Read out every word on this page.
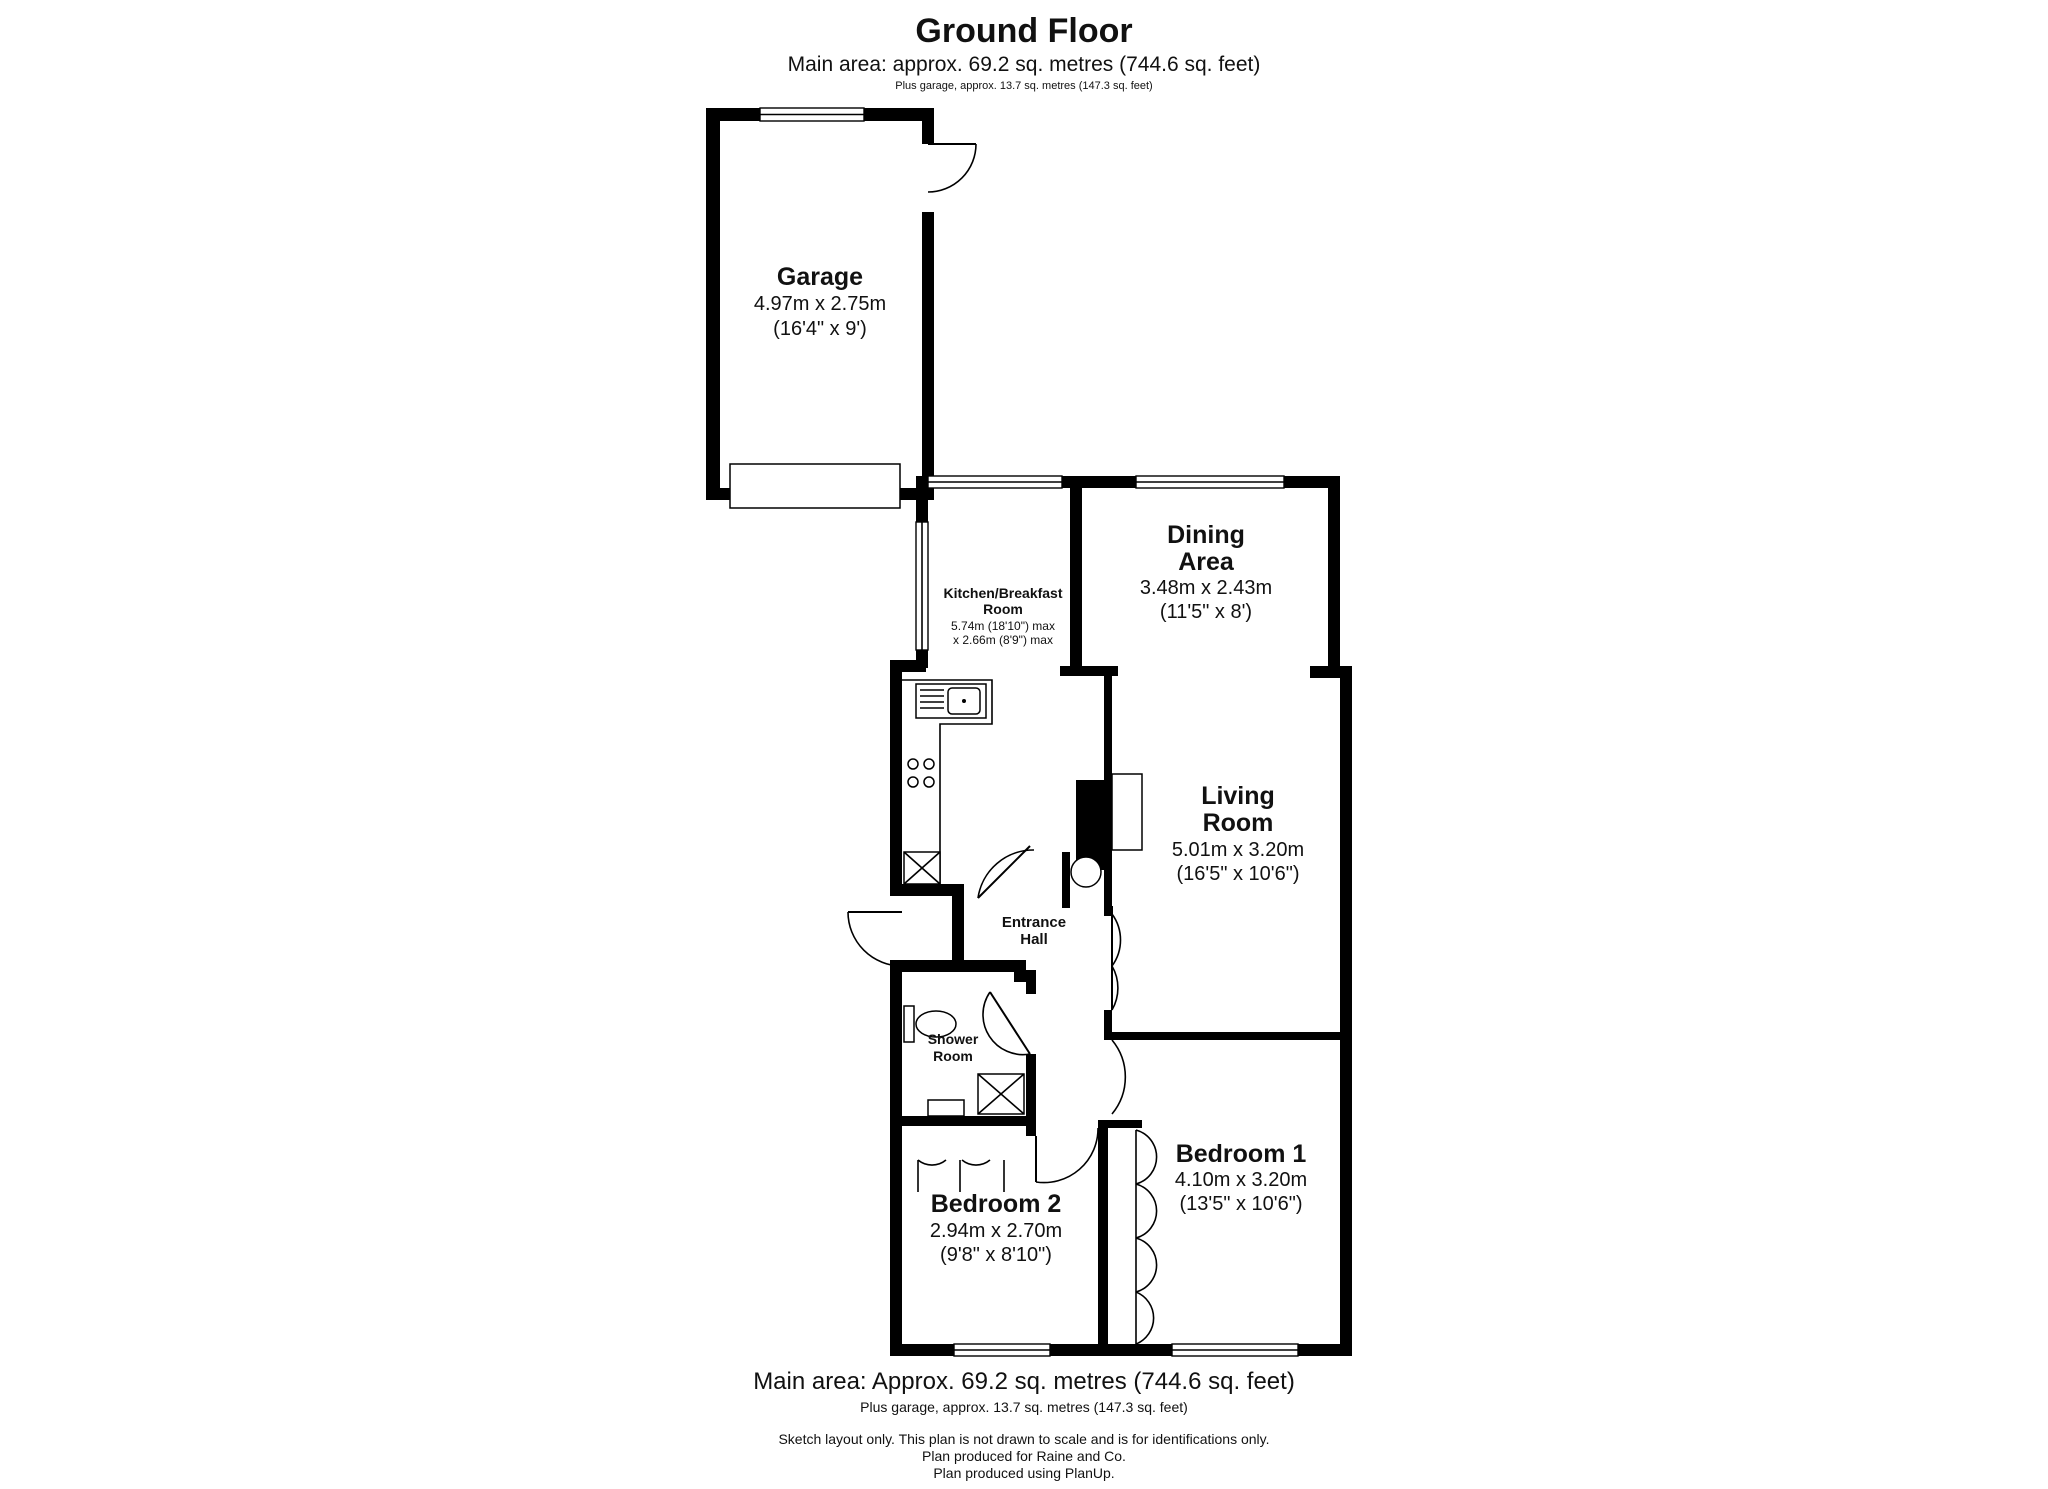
Ground Floor
Main area: approx. 69.2 sq. metres (744.6 sq. feet)
Plus garage, approx. 13.7 sq. metres (147.3 sq. feet)
Garage
4.97m x 2.75m
(16'4" x 9')
Dining
Area
3.48m x 2.43m
(11'5" x 8')
Kitchen/Breakfast
Room
5.74m (18'10") max
x 2.66m (8'9") max
Living
Room
5.01m x 3.20m
(16'5" x 10'6")
Entrance
Hall
Shower
Room
Bedroom 1
4.10m x 3.20m
(13'5" x 10'6")
Bedroom 2
2.94m x 2.70m
(9'8" x 8'10")
Main area: Approx. 69.2 sq. metres (744.6 sq. feet)
Plus garage, approx. 13.7 sq. metres (147.3 sq. feet)
Sketch layout only. This plan is not drawn to scale and is for identifications only.
Plan produced for Raine and Co.
Plan produced using PlanUp.
